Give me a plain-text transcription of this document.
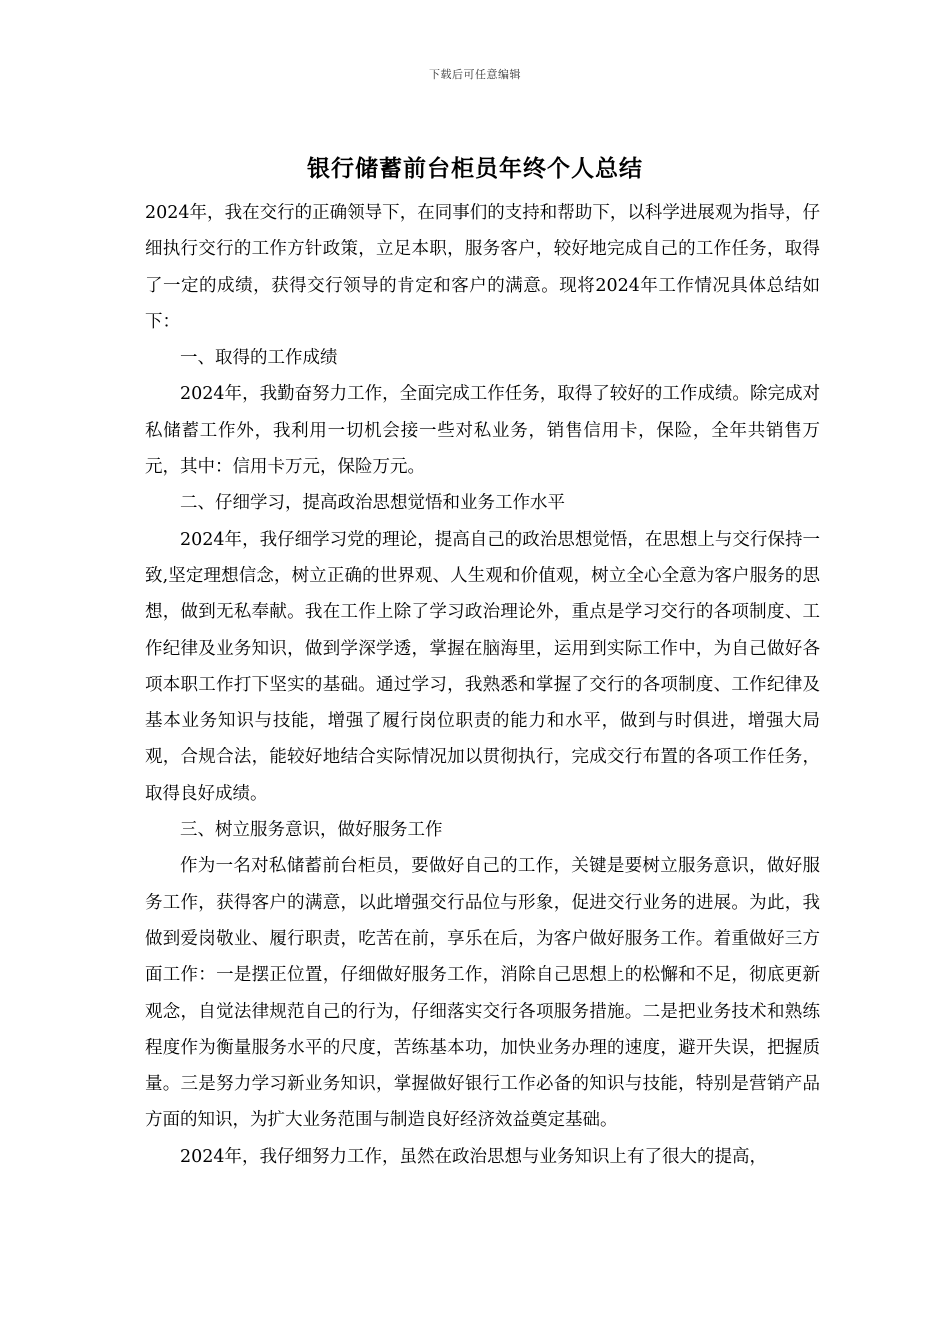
下载后可任意编辑
银行储蓄前台柜员年终个人总结

2024年，我在交行的正确领导下，在同事们的支持和帮助下，以科学进展观为指导，仔细执行交行的工作方针政策，立足本职，服务客户，较好地完成自己的工作任务，取得了一定的成绩，获得交行领导的肯定和客户的满意。现将2024年工作情况具体总结如下：

一、取得的工作成绩

2024年，我勤奋努力工作，全面完成工作任务，取得了较好的工作成绩。除完成对私储蓄工作外，我利用一切机会接一些对私业务，销售信用卡，保险，全年共销售万元，其中：信用卡万元，保险万元。

二、仔细学习，提高政治思想觉悟和业务工作水平

2024年，我仔细学习党的理论，提高自己的政治思想觉悟，在思想上与交行保持一致,坚定理想信念，树立正确的世界观、人生观和价值观，树立全心全意为客户服务的思想，做到无私奉献。我在工作上除了学习政治理论外，重点是学习交行的各项制度、工作纪律及业务知识，做到学深学透，掌握在脑海里，运用到实际工作中，为自己做好各项本职工作打下坚实的基础。通过学习，我熟悉和掌握了交行的各项制度、工作纪律及基本业务知识与技能，增强了履行岗位职责的能力和水平，做到与时俱进，增强大局观，合规合法，能较好地结合实际情况加以贯彻执行，完成交行布置的各项工作任务，取得良好成绩。

三、树立服务意识，做好服务工作

作为一名对私储蓄前台柜员，要做好自己的工作，关键是要树立服务意识，做好服务工作，获得客户的满意，以此增强交行品位与形象，促进交行业务的进展。为此，我做到爱岗敬业、履行职责，吃苦在前，享乐在后，为客户做好服务工作。着重做好三方面工作：一是摆正位置，仔细做好服务工作，消除自己思想上的松懈和不足，彻底更新观念，自觉法律规范自己的行为，仔细落实交行各项服务措施。二是把业务技术和熟练程度作为衡量服务水平的尺度，苦练基本功，加快业务办理的速度，避开失误，把握质量。三是努力学习新业务知识，掌握做好银行工作必备的知识与技能，特别是营销产品方面的知识，为扩大业务范围与制造良好经济效益奠定基础。

2024年，我仔细努力工作，虽然在政治思想与业务知识上有了很大的提高，
